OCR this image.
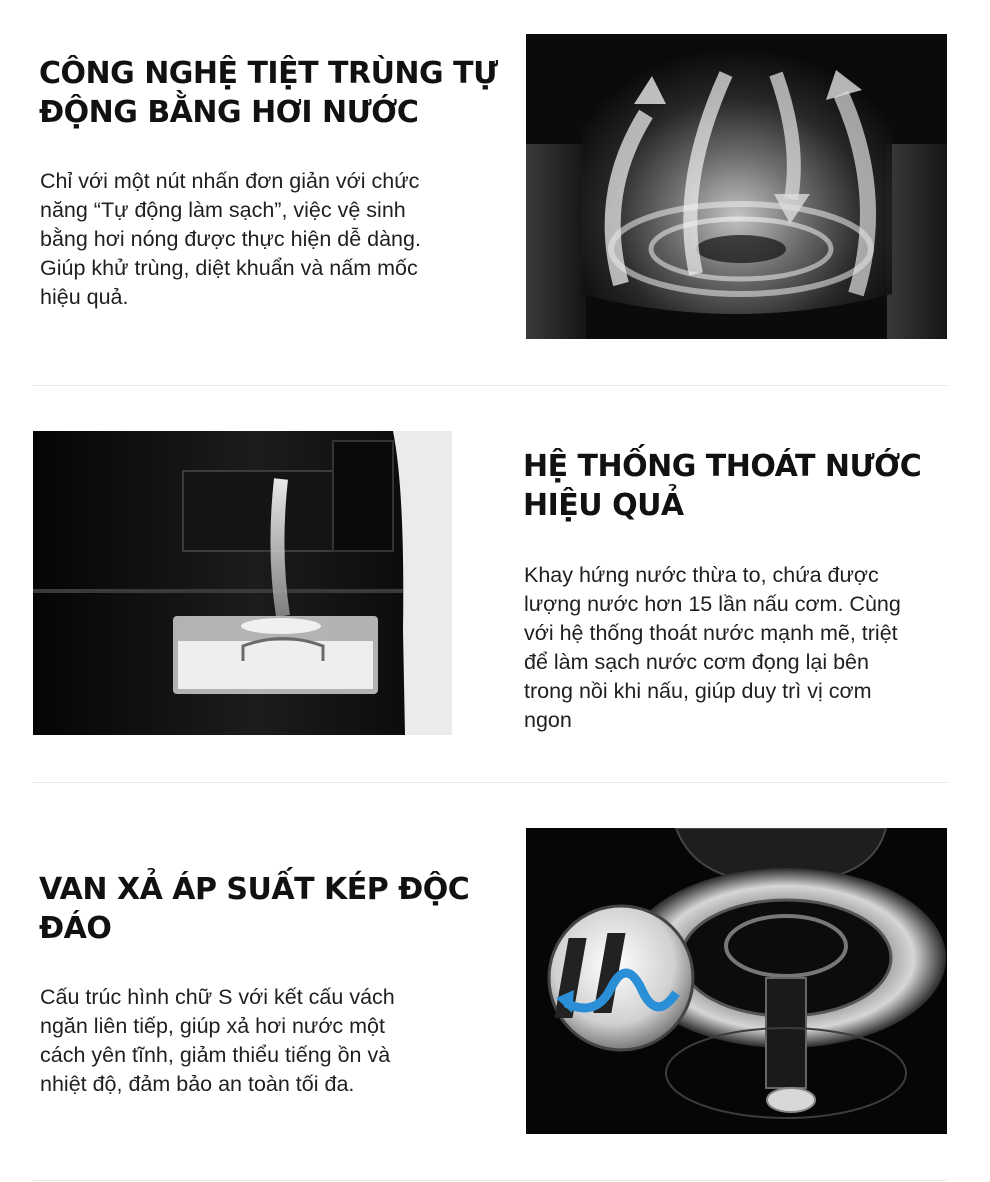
CÔNG NGHỆ TIỆT TRÙNG TỰ
ĐỘNG BẰNG HƠI NƯỚC

Chỉ với một nút nhấn đơn giản với chức
năng “Tự động làm sạch”, việc vệ sinh
bằng hơi nóng được thực hiện dễ dàng.
Giúp khử trùng, diệt khuẩn và nấm mốc
hiệu quả.

HỆ THỐNG THOÁT NƯỚC
HIỆU QUẢ

Khay hứng nước thừa to, chứa được
lượng nước hơn 15 lần nấu cơm. Cùng
với hệ thống thoát nước mạnh mẽ, triệt
để làm sạch nước cơm đọng lại bên
trong nồi khi nấu, giúp duy trì vị cơm
ngon

VAN XẢ ÁP SUẤT KÉP ĐỘC
ĐÁO

Cấu trúc hình chữ S với kết cấu vách
ngăn liên tiếp, giúp xả hơi nước một
cách yên tĩnh, giảm thiểu tiếng ồn và
nhiệt độ, đảm bảo an toàn tối đa.
